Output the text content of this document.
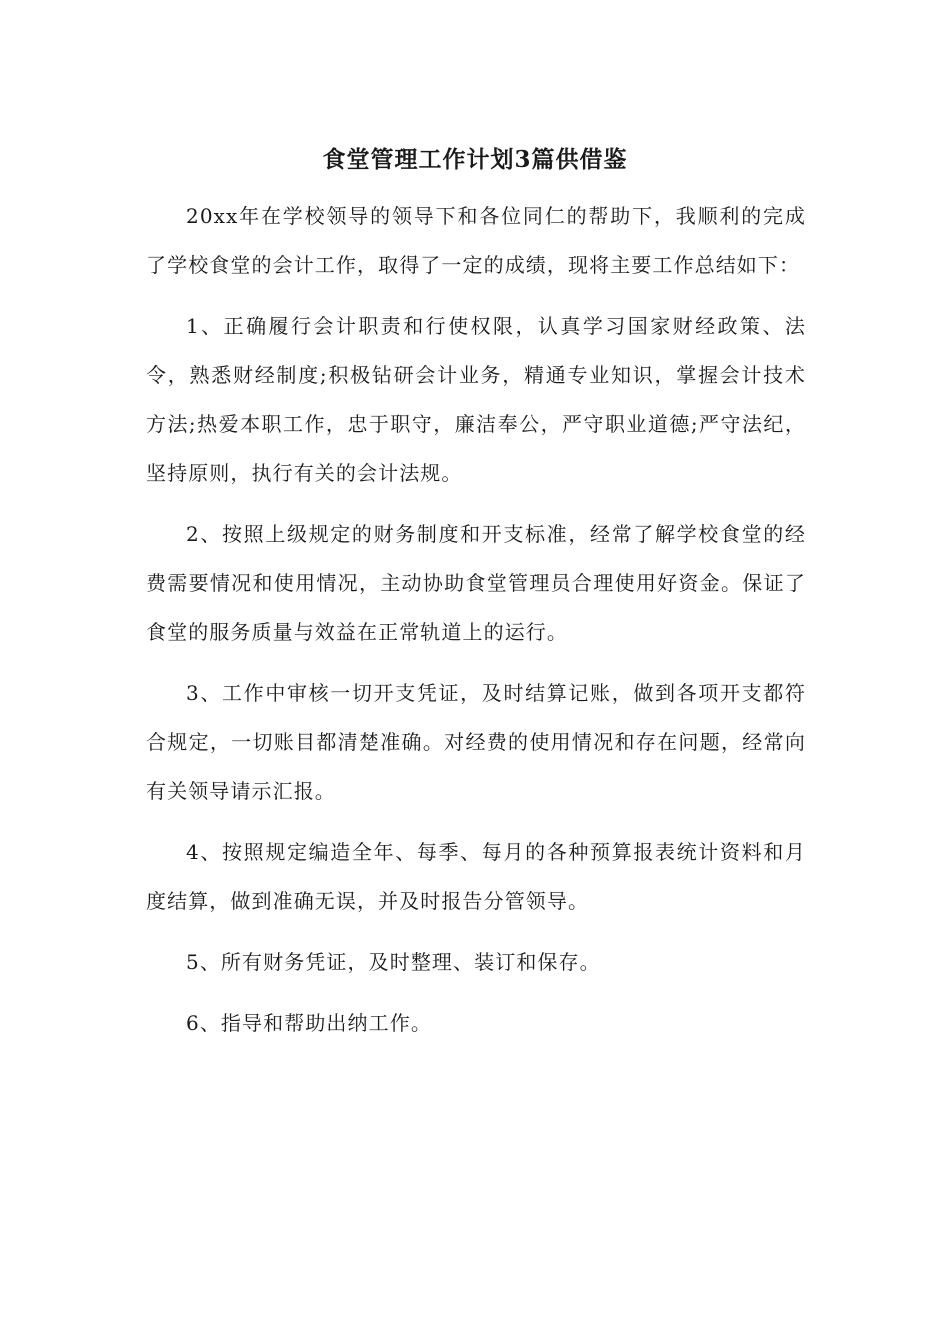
食堂管理工作计划3篇供借鉴

20xx年在学校领导的领导下和各位同仁的帮助下，我顺利的完成了学校食堂的会计工作，取得了一定的成绩，现将主要工作总结如下：

1、正确履行会计职责和行使权限，认真学习国家财经政策、法令，熟悉财经制度;积极钻研会计业务，精通专业知识，掌握会计技术方法;热爱本职工作，忠于职守，廉洁奉公，严守职业道德;严守法纪，坚持原则，执行有关的会计法规。

2、按照上级规定的财务制度和开支标准，经常了解学校食堂的经费需要情况和使用情况，主动协助食堂管理员合理使用好资金。保证了食堂的服务质量与效益在正常轨道上的运行。

3、工作中审核一切开支凭证，及时结算记账，做到各项开支都符合规定，一切账目都清楚准确。对经费的使用情况和存在问题，经常向有关领导请示汇报。

4、按照规定编造全年、每季、每月的各种预算报表统计资料和月度结算，做到准确无误，并及时报告分管领导。

5、所有财务凭证，及时整理、装订和保存。

6、指导和帮助出纳工作。
